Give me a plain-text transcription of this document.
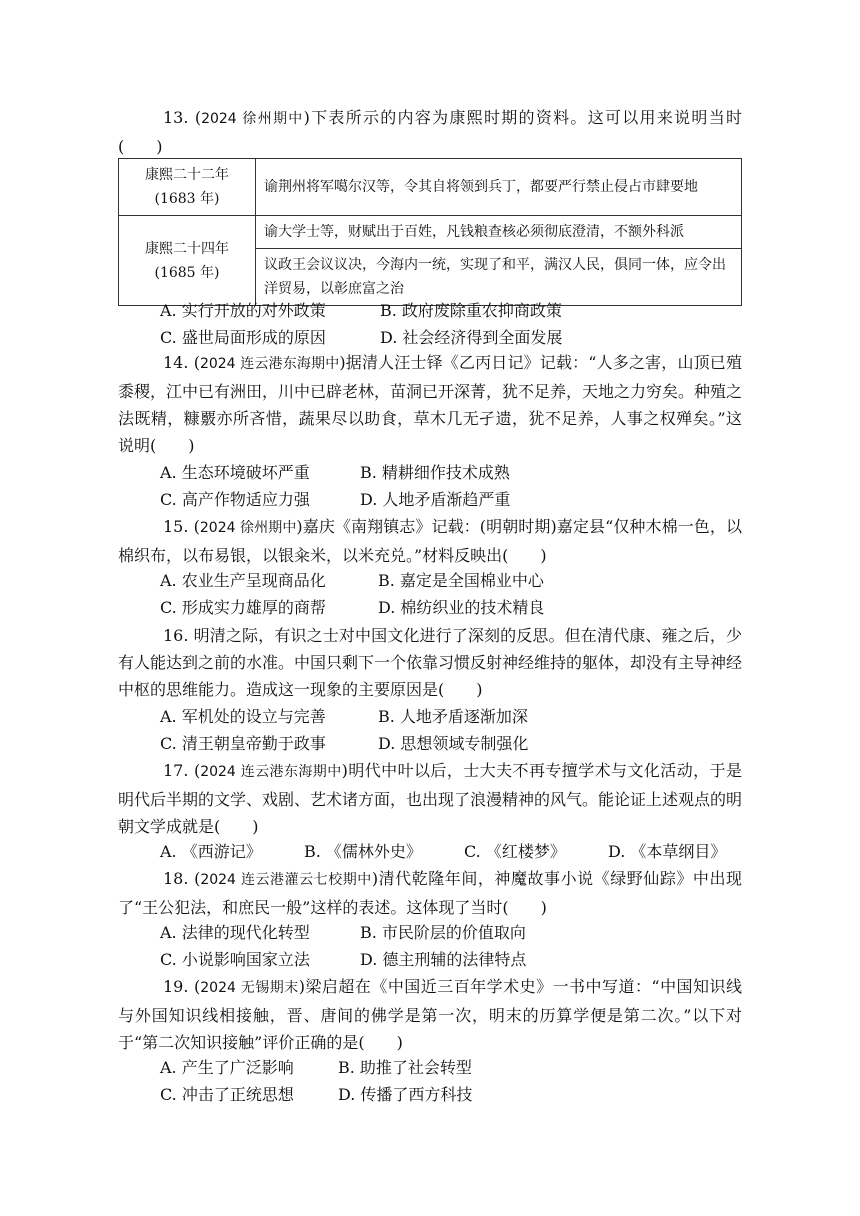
13. (2024 徐州期中)下表所示的内容为康熙时期的资料。这可以用来说明当时(　　)
康熙二十二年
(1683 年)	谕荆州将军噶尔汉等，令其自将领到兵丁，都要严行禁止侵占市肆要地

康熙二十四年
(1685 年)	谕大学士等，财赋出于百姓，凡钱粮查核必须彻底澄清，不额外科派
	议政王会议议决，今海内一统，实现了和平，满汉人民，俱同一体，应令出洋贸易，以彰庶富之治
A. 实行开放的对外政策	B. 政府废除重农抑商政策
C. 盛世局面形成的原因	D. 社会经济得到全面发展
14. (2024 连云港东海期中)据清人汪士铎《乙丙日记》记载：“人多之害，山顶已殖黍稷，江中已有洲田，川中已辟老林，苗洞已开深菁，犹不足养，天地之力穷矣。种殖之法既精，糠覈亦所吝惜，蔬果尽以助食，草木几无孑遗，犹不足养，人事之权殚矣。”这说明(　　)
A. 生态环境破坏严重	B. 精耕细作技术成熟
C. 高产作物适应力强	D. 人地矛盾渐趋严重
15. (2024 徐州期中)嘉庆《南翔镇志》记载：(明朝时期)嘉定县“仅种木棉一色，以棉织布，以布易银，以银籴米，以米充兑。”材料反映出(　　)
A. 农业生产呈现商品化	B. 嘉定是全国棉业中心
C. 形成实力雄厚的商帮	D. 棉纺织业的技术精良
16. 明清之际，有识之士对中国文化进行了深刻的反思。但在清代康、雍之后，少有人能达到之前的水准。中国只剩下一个依靠习惯反射神经维持的躯体，却没有主导神经中枢的思维能力。造成这一现象的主要原因是(　　)
A. 军机处的设立与完善	B. 人地矛盾逐渐加深
C. 清王朝皇帝勤于政事	D. 思想领域专制强化
17. (2024 连云港东海期中)明代中叶以后，士大夫不再专擅学术与文化活动，于是明代后半期的文学、戏剧、艺术诸方面，也出现了浪漫精神的风气。能论证上述观点的明朝文学成就是(　　)
A. 《西游记》	B. 《儒林外史》	C. 《红楼梦》	D. 《本草纲目》
18. (2024 连云港灌云七校期中)清代乾隆年间，神魔故事小说《绿野仙踪》中出现了“王公犯法，和庶民一般”这样的表述。这体现了当时(　　)
A. 法律的现代化转型	B. 市民阶层的价值取向
C. 小说影响国家立法	D. 德主刑辅的法律特点
19. (2024 无锡期末)梁启超在《中国近三百年学术史》一书中写道：“中国知识线与外国知识线相接触，晋、唐间的佛学是第一次，明末的历算学便是第二次。”以下对于“第二次知识接触”评价正确的是(　　)
A. 产生了广泛影响	B. 助推了社会转型
C. 冲击了正统思想	D. 传播了西方科技
